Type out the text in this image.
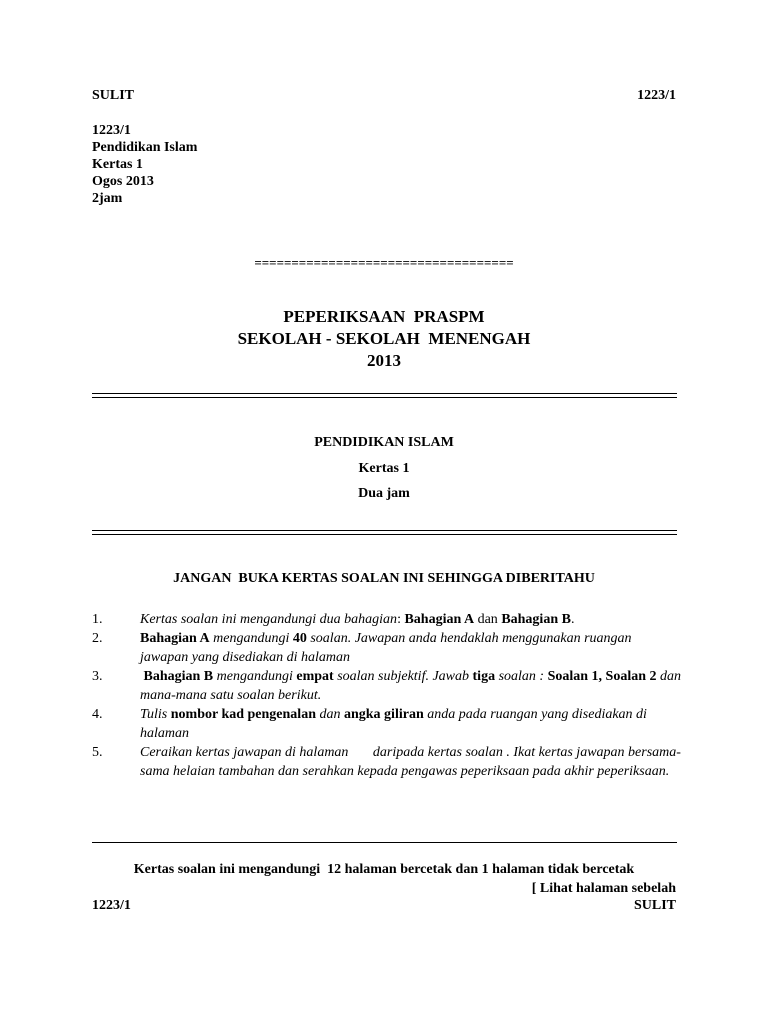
SULIT	1223/1
1223/1
Pendidikan Islam
Kertas 1
Ogos 2013
2jam
===================================
PEPERIKSAAN  PRASPM
SEKOLAH - SEKOLAH  MENENGAH
2013
PENDIDIKAN ISLAM
Kertas 1
Dua jam
JANGAN  BUKA KERTAS SOALAN INI SEHINGGA DIBERITAHU
1.	Kertas soalan ini mengandungi dua bahagian: Bahagian A dan Bahagian B.
2.	Bahagian A mengandungi 40 soalan. Jawapan anda hendaklah menggunakan ruangan  jawapan yang disediakan di halaman
3.	Bahagian B mengandungi empat soalan subjektif. Jawab tiga soalan : Soalan 1, Soalan 2 dan mana-mana satu soalan berikut.
4.	Tulis nombor kad pengenalan dan angka giliran anda pada ruangan yang disediakan di halaman
5.	Ceraikan kertas jawapan di halaman       daripada kertas soalan . Ikat kertas jawapan bersama-sama helaian tambahan dan serahkan kepada pengawas peperiksaan pada akhir peperiksaan.
Kertas soalan ini mengandungi  12 halaman bercetak dan 1 halaman tidak bercetak
[ Lihat halaman sebelah
1223/1	SULIT
